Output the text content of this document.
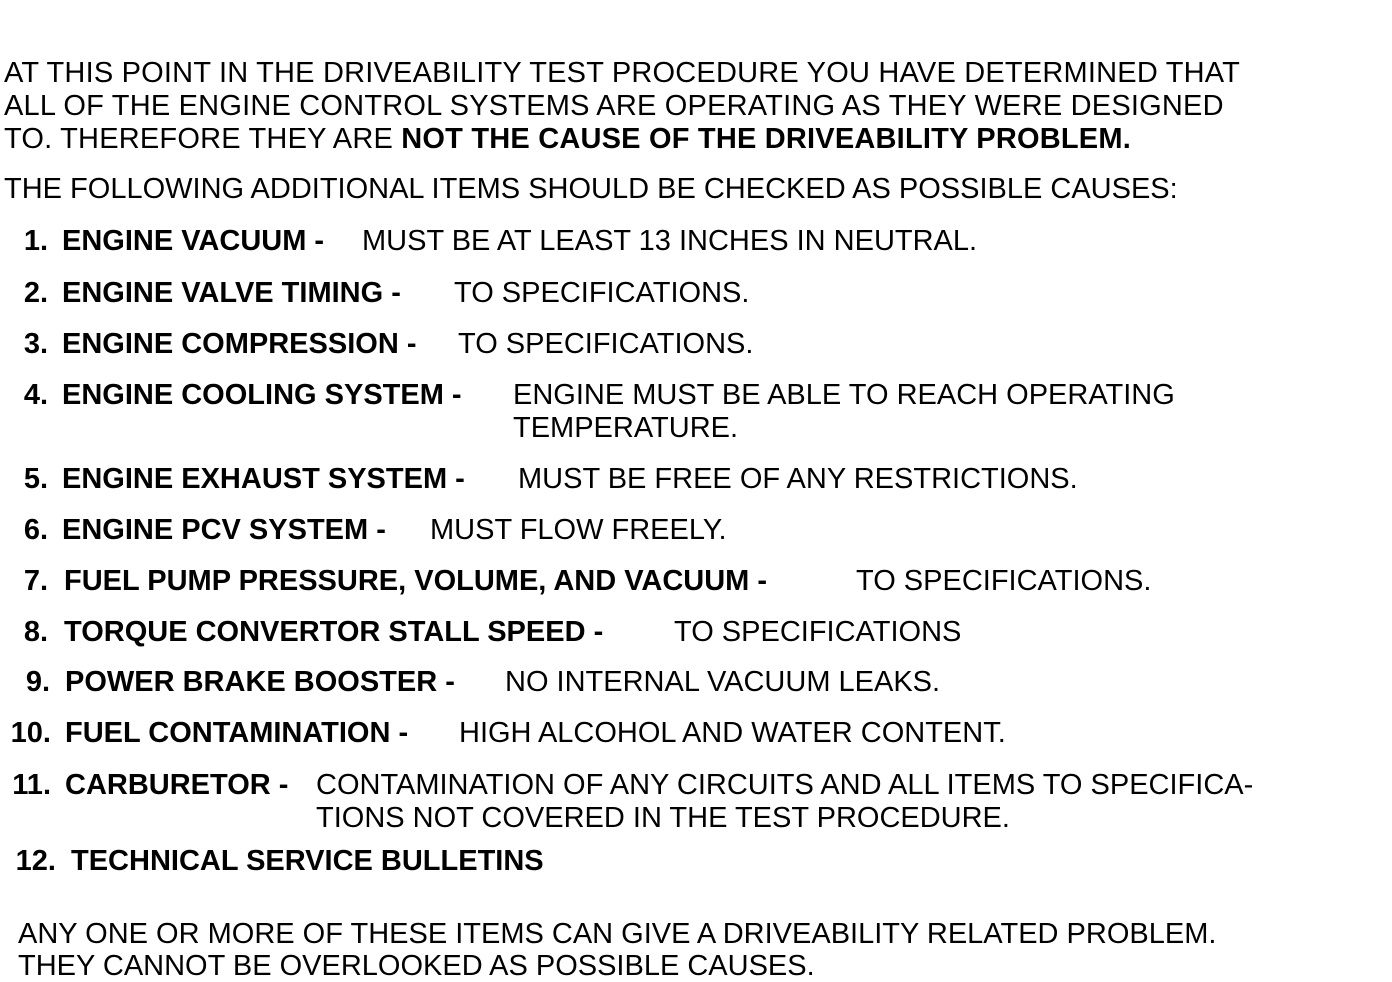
AT THIS POINT IN THE DRIVEABILITY TEST PROCEDURE YOU HAVE DETERMINED THAT
ALL OF THE ENGINE CONTROL SYSTEMS ARE OPERATING AS THEY WERE DESIGNED
TO. THEREFORE THEY ARE NOT THE CAUSE OF THE DRIVEABILITY PROBLEM.
THE FOLLOWING ADDITIONAL ITEMS SHOULD BE CHECKED AS POSSIBLE CAUSES:
1. ENGINE VACUUM - MUST BE AT LEAST 13 INCHES IN NEUTRAL.
2. ENGINE VALVE TIMING - TO SPECIFICATIONS.
3. ENGINE COMPRESSION - TO SPECIFICATIONS.
4. ENGINE COOLING SYSTEM - ENGINE MUST BE ABLE TO REACH OPERATING
TEMPERATURE.
5. ENGINE EXHAUST SYSTEM - MUST BE FREE OF ANY RESTRICTIONS.
6. ENGINE PCV SYSTEM - MUST FLOW FREELY.
7. FUEL PUMP PRESSURE, VOLUME, AND VACUUM -	TO SPECIFICATIONS.
8. TORQUE CONVERTOR STALL SPEED - TO SPECIFICATIONS
9. POWER BRAKE BOOSTER - NO INTERNAL VACUUM LEAKS.
10. FUEL CONTAMINATION - HIGH ALCOHOL AND WATER CONTENT.
11. CARBURETOR - CONTAMINATION OF ANY CIRCUITS AND ALL ITEMS TO SPECIFICA-
TIONS NOT COVERED IN THE TEST PROCEDURE.
12. TECHNICAL SERVICE BULLETINS
ANY ONE OR MORE OF THESE ITEMS CAN GIVE A DRIVEABILITY RELATED PROBLEM.
THEY CANNOT BE OVERLOOKED AS POSSIBLE CAUSES.
